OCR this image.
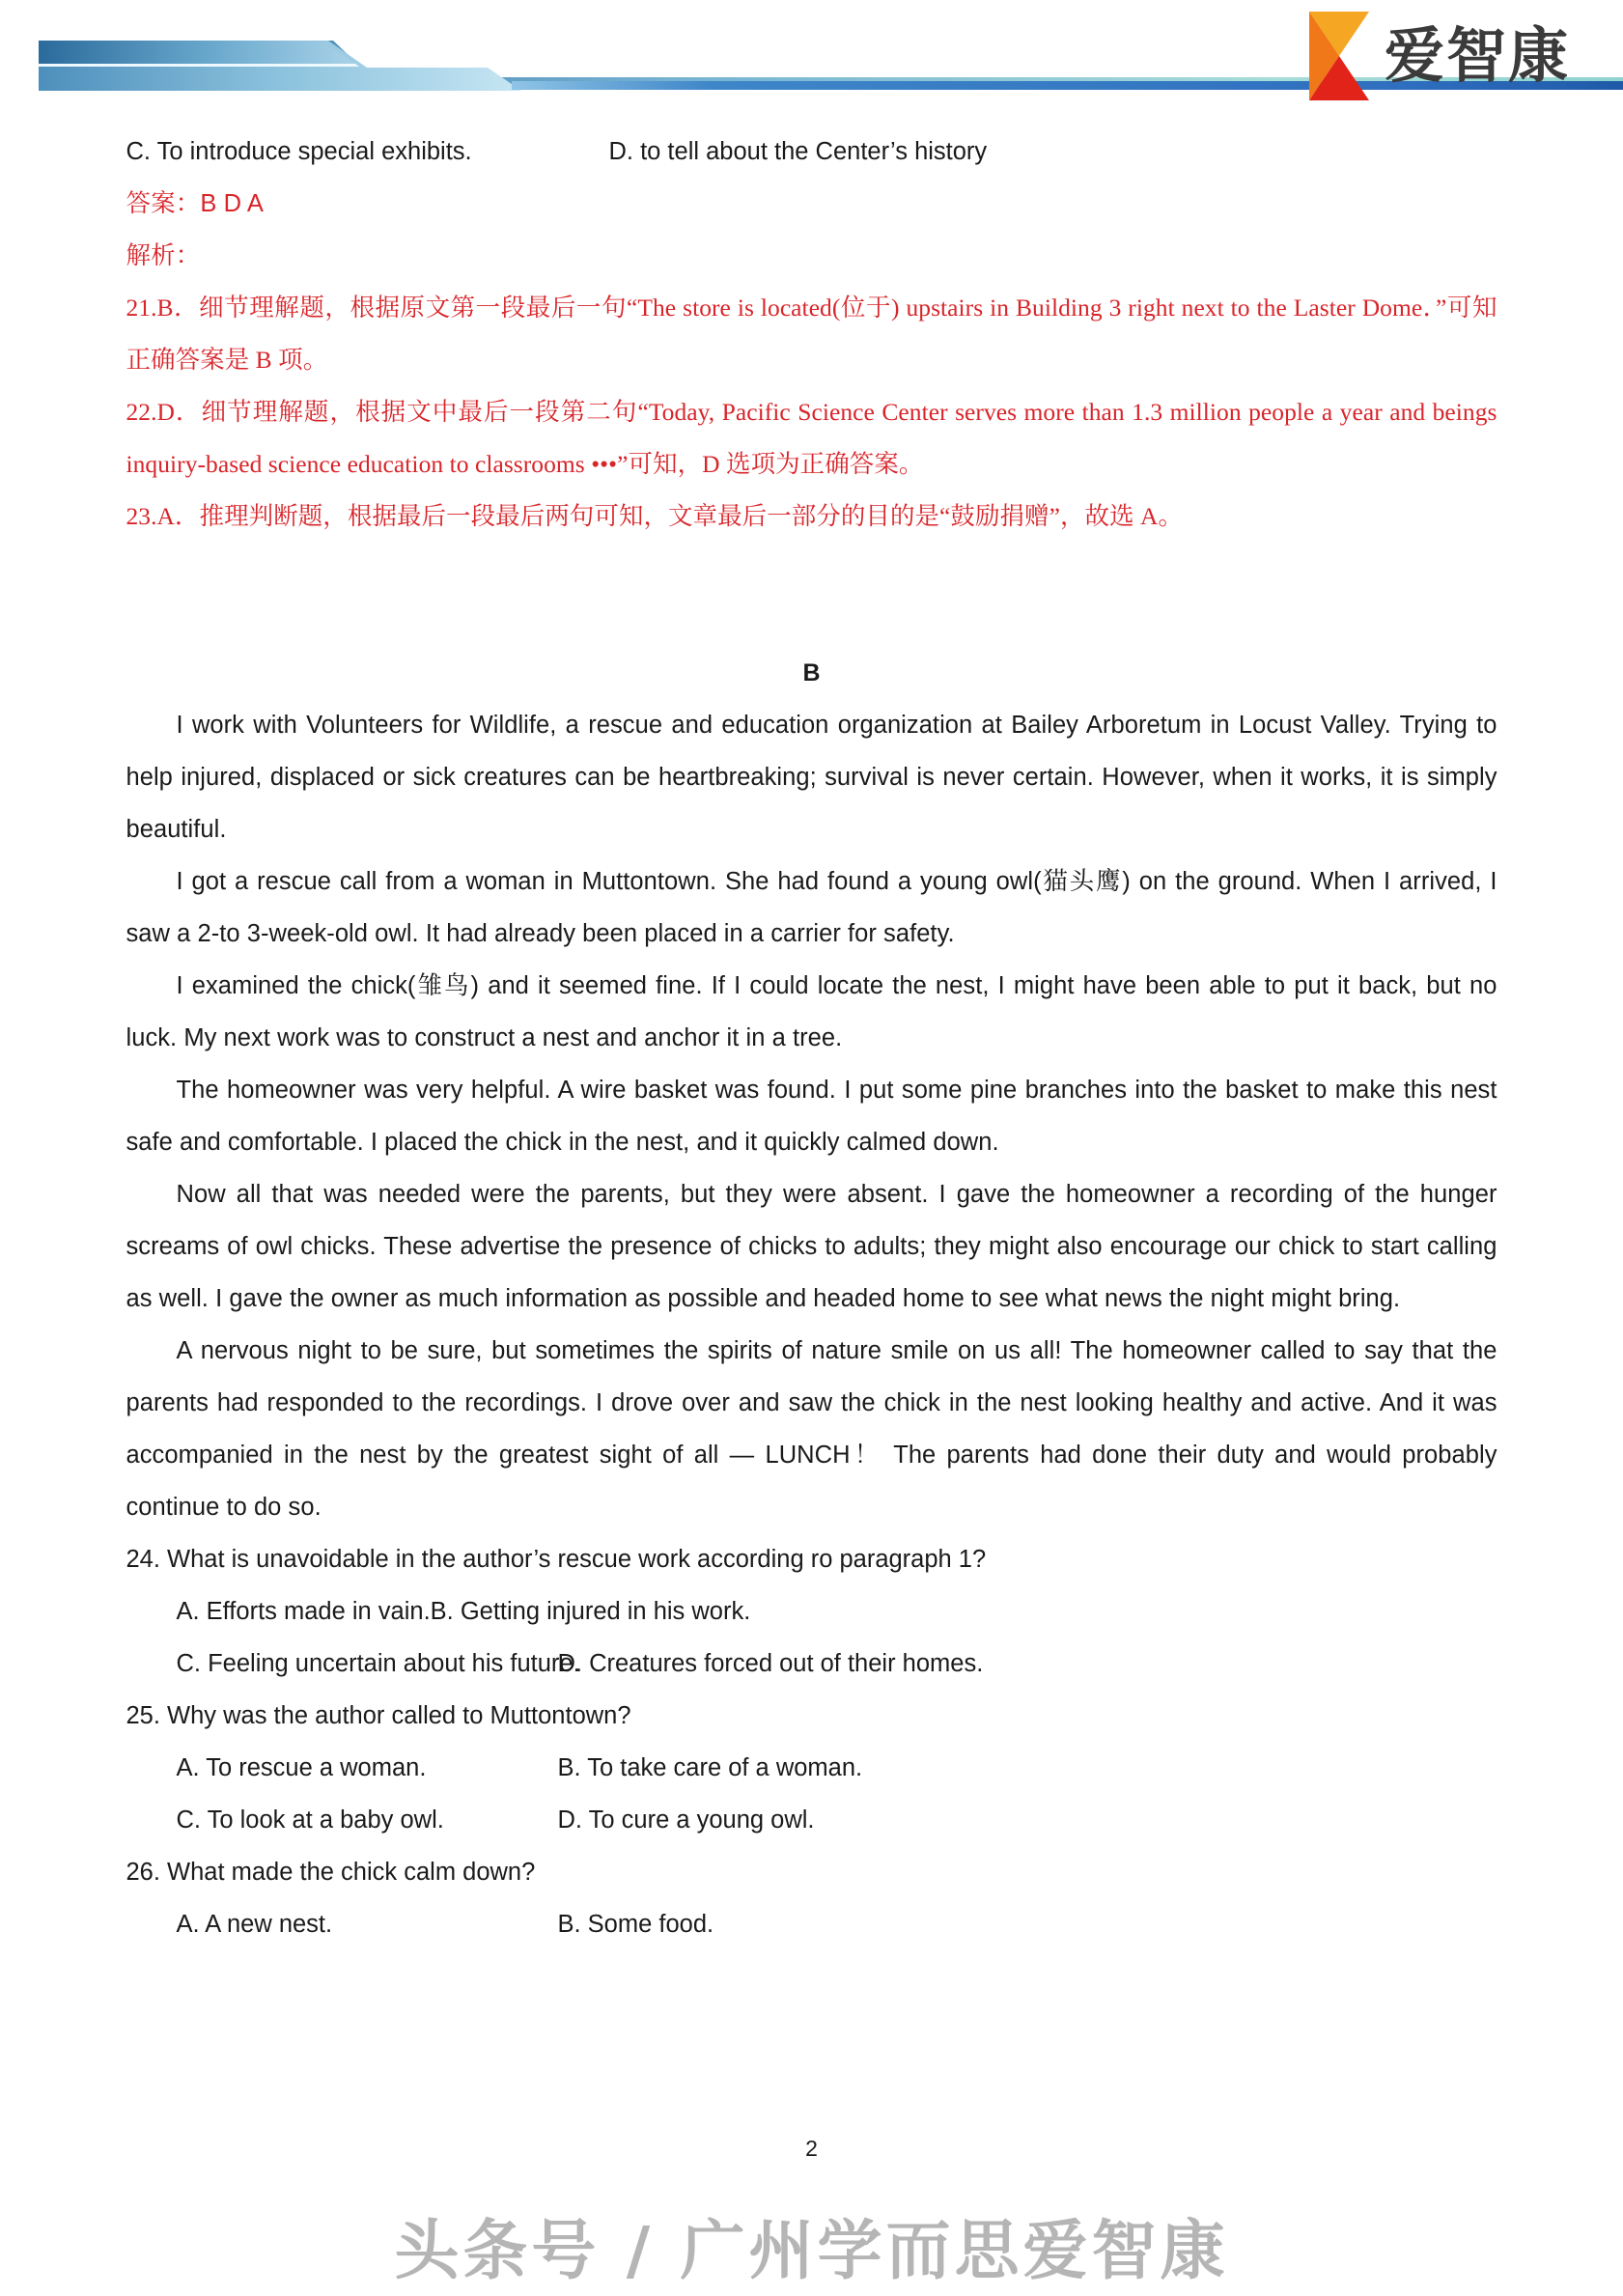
爱智康
C. To introduce special exhibits.	D. to tell about the Center’s history
答案：B D A
解析：
21.B．细节理解题，根据原文第一段最后一句“The store is located(位于) upstairs in Building 3 right next to the Laster Dome．”可知正确答案是 B 项。
22.D．细节理解题，根据文中最后一段第二句“Today, Pacific Science Center serves more than 1.3 million people a year and beings inquiry-based science education to classrooms •••”可知，D 选项为正确答案。
23.A．推理判断题，根据最后一段最后两句可知，文章最后一部分的目的是“鼓励捐赠”，故选 A。
B
I work with Volunteers for Wildlife, a rescue and education organization at Bailey Arboretum in Locust Valley. Trying to help injured, displaced or sick creatures can be heartbreaking; survival is never certain. However, when it works, it is simply beautiful.
I got a rescue call from a woman in Muttontown. She had found a young owl(猫头鹰) on the ground. When I arrived, I saw a 2-to 3-week-old owl. It had already been placed in a carrier for safety.
I examined the chick(雏鸟) and it seemed fine. If I could locate the nest, I might have been able to put it back, but no luck. My next work was to construct a nest and anchor it in a tree.
The homeowner was very helpful. A wire basket was found. I put some pine branches into the basket to make this nest safe and comfortable. I placed the chick in the nest, and it quickly calmed down.
Now all that was needed were the parents, but they were absent. I gave the homeowner a recording of the hunger screams of owl chicks. These advertise the presence of chicks to adults; they might also encourage our chick to start calling as well. I gave the owner as much information as possible and headed home to see what news the night might bring.
A nervous night to be sure, but sometimes the spirits of nature smile on us all! The homeowner called to say that the parents had responded to the recordings. I drove over and saw the chick in the nest looking healthy and active. And it was accompanied in the nest by the greatest sight of all — LUNCH！ The parents had done their duty and would probably continue to do so.
24. What is unavoidable in the author’s rescue work according ro paragraph 1?
A. Efforts made in vain. B. Getting injured in his work.
C. Feeling uncertain about his future.
D. Creatures forced out of their homes.
25. Why was the author called to Muttontown?
A. To rescue a woman.	B. To take care of a woman.
C. To look at a baby owl.	D. To cure a young owl.
26. What made the chick calm down?
A. A new nest.	B. Some food.
2
头条号 / 广州学而思爱智康
